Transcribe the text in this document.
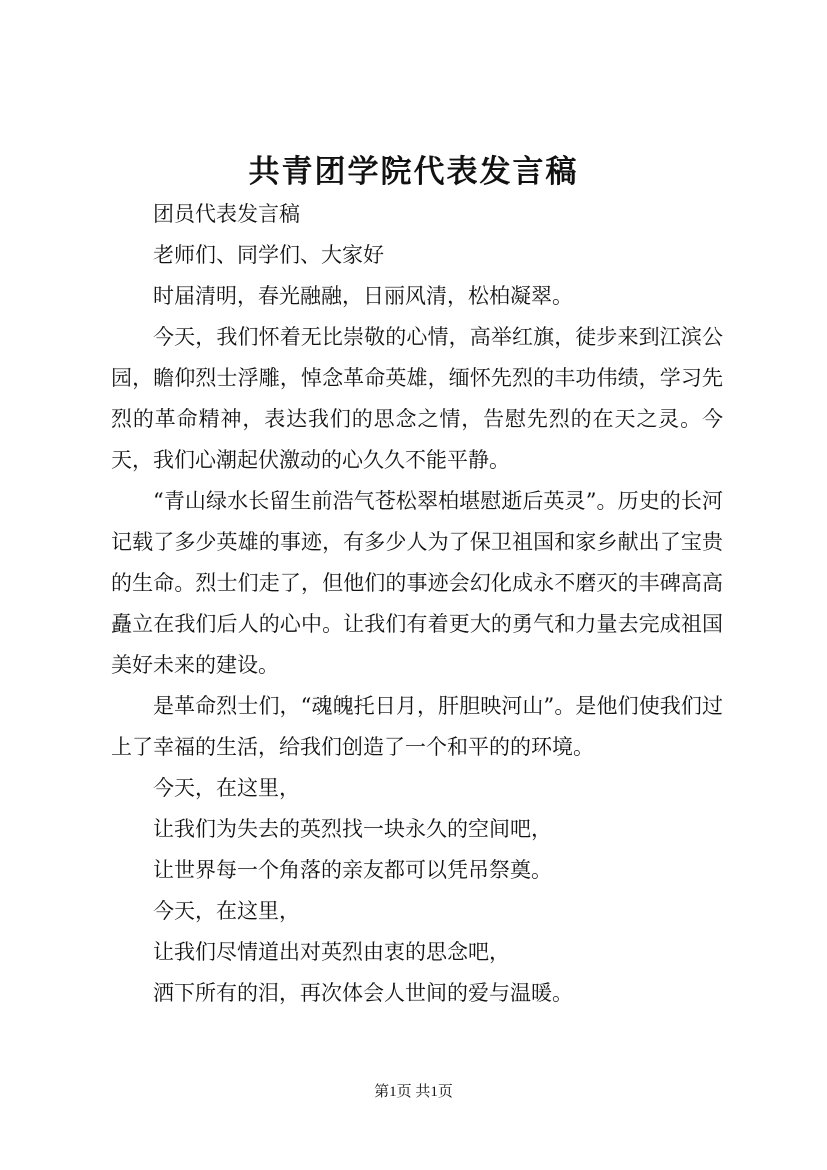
共青团学院代表发言稿

团员代表发言稿

老师们、同学们、大家好

时届清明，春光融融，日丽风清，松柏凝翠。

今天，我们怀着无比崇敬的心情，高举红旗，徒步来到江滨公园，瞻仰烈士浮雕，悼念革命英雄，缅怀先烈的丰功伟绩，学习先烈的革命精神，表达我们的思念之情，告慰先烈的在天之灵。今天，我们心潮起伏激动的心久久不能平静。

“青山绿水长留生前浩气苍松翠柏堪慰逝后英灵”。历史的长河记载了多少英雄的事迹，有多少人为了保卫祖国和家乡献出了宝贵的生命。烈士们走了，但他们的事迹会幻化成永不磨灭的丰碑高高矗立在我们后人的心中。让我们有着更大的勇气和力量去完成祖国美好未来的建设。

是革命烈士们，“魂魄托日月，肝胆映河山”。是他们使我们过上了幸福的生活，给我们创造了一个和平的的环境。

今天，在这里，

让我们为失去的英烈找一块永久的空间吧，

让世界每一个角落的亲友都可以凭吊祭奠。

今天，在这里，

让我们尽情道出对英烈由衷的思念吧，

洒下所有的泪，再次体会人世间的爱与温暖。

第1页 共1页
